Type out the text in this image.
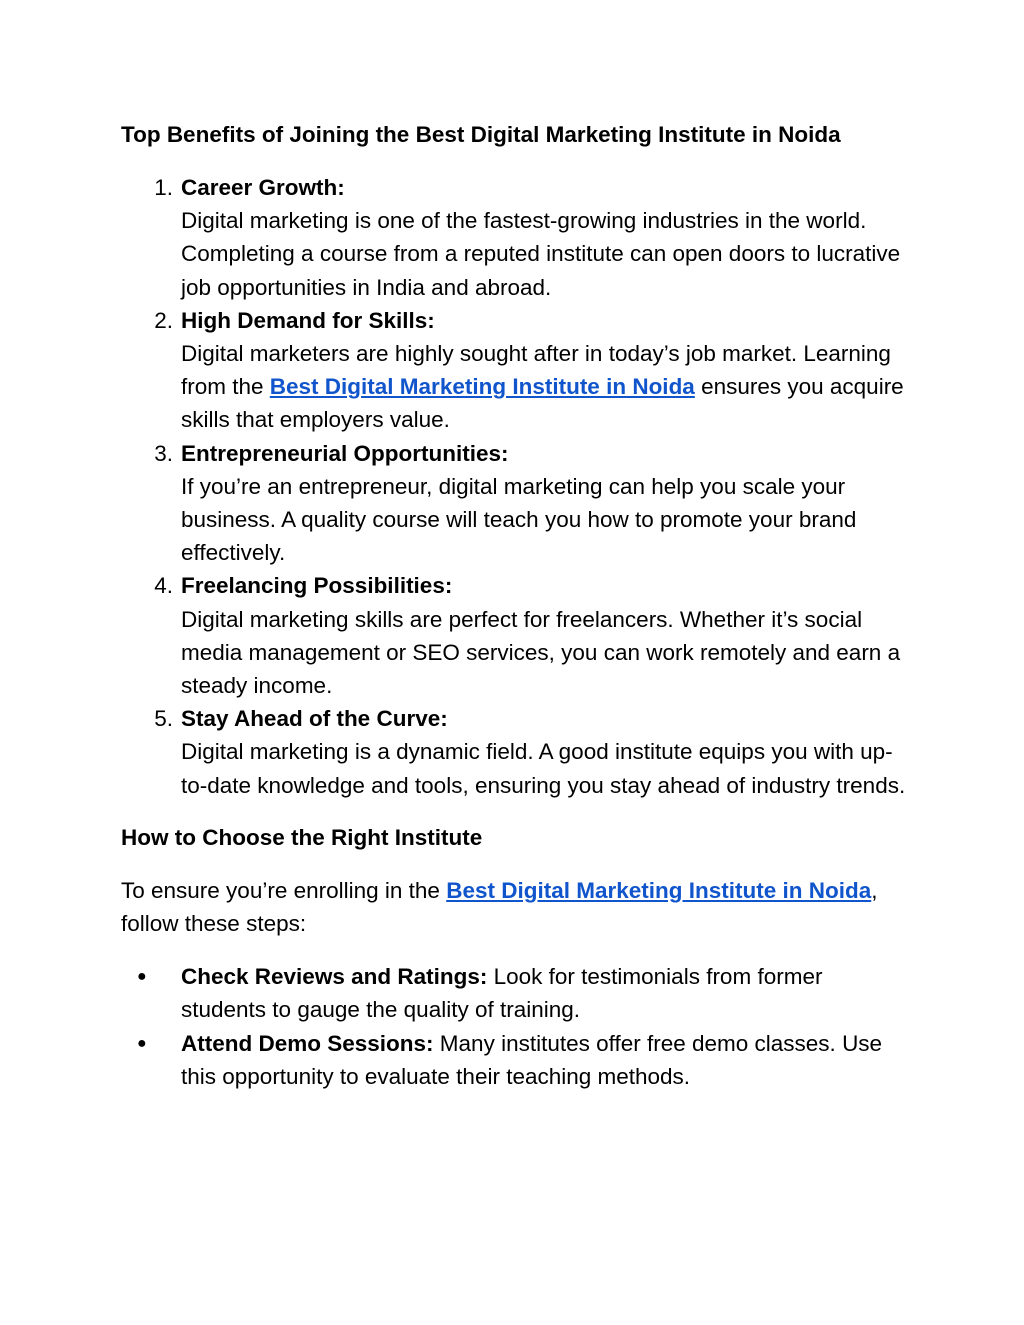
Top Benefits of Joining the Best Digital Marketing Institute in Noida
1. Career Growth:
Digital marketing is one of the fastest-growing industries in the world. Completing a course from a reputed institute can open doors to lucrative job opportunities in India and abroad.
2. High Demand for Skills:
Digital marketers are highly sought after in today’s job market. Learning from the Best Digital Marketing Institute in Noida ensures you acquire skills that employers value.
3. Entrepreneurial Opportunities:
If you’re an entrepreneur, digital marketing can help you scale your business. A quality course will teach you how to promote your brand effectively.
4. Freelancing Possibilities:
Digital marketing skills are perfect for freelancers. Whether it’s social media management or SEO services, you can work remotely and earn a steady income.
5. Stay Ahead of the Curve:
Digital marketing is a dynamic field. A good institute equips you with up-to-date knowledge and tools, ensuring you stay ahead of industry trends.
How to Choose the Right Institute

To ensure you’re enrolling in the Best Digital Marketing Institute in Noida, follow these steps:

● Check Reviews and Ratings: Look for testimonials from former students to gauge the quality of training.
● Attend Demo Sessions: Many institutes offer free demo classes. Use this opportunity to evaluate their teaching methods.
